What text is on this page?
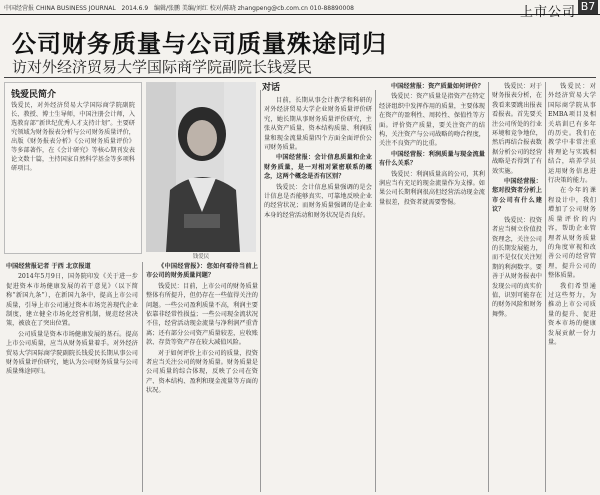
中国经营报 CHINA BUSINESS JOURNAL 2014.6.9 编辑/张鹏 美编/刘红 校对/陈晓 zhangpeng@cb.com.cn 010-88890008	上市公司 B7
公司财务质量与公司质量殊途同归
访对外经济贸易大学国际商学院副院长钱爱民
钱爱民简介
钱爱民，对外经济贸易大学国际商学院副院长、教授、博士生导师，中国注册会计师，入选教育部“新世纪优秀人才支持计划”。主要研究领域为财务报表分析与公司财务质量评价，出版《财务报表分析》《公司财务质量评价》等多部著作，在《会计研究》等核心期刊发表论文数十篇，主持国家自然科学基金等多项科研项目。
钱爱民
对话

中国经营报记者 于西 北京报道

2014年5月9日，国务院印发《关于进一步促进资本市场健康发展的若干意见》（以下简称“新国九条”），在新国九条中，提高上市公司质量，引导上市公司通过资本市场完善现代企业制度，建立健全市场化经营机制，规范经营决策，被放在了突出位置。

公司质量是资本市场健康发展的基石。提高上市公司质量，应当从财务质量着手。对外经济贸易大学国际商学院副院长钱爱民长期从事公司财务质量评价研究，她认为公司财务质量与公司质量殊途同归。

《中国经营报》：您如何看待当前上市公司的财务质量问题？

钱爱民：目前，上市公司的财务质量整体有所提升，但仍存在一些值得关注的问题。一些公司盈利质量不高，利润主要依靠非经常性损益；一些公司现金流状况不佳，经营活动现金流量与净利润严重背离；还有部分公司资产质量较差，应收账款、存货等资产存在较大减值风险。

对于如何评价上市公司的质量，投资者应当关注公司的财务质量。财务质量是公司质量的综合体现，反映了公司在资产、资本结构、盈利和现金流量等方面的状况。

目前，长期从事会计教学和科研的对外经济贸易大学企业财务质量评价研究，她长期从事财务质量评价研究，主张从资产质量、资本结构质量、利润质量和现金流量质量四个方面全面评价公司财务质量。

中国经营报：会计信息质量和企业财务质量，是一对相对紧密联系的概念，这两个概念是否有区别？

钱爱民：会计信息质量强调的是会计信息是否能够真实、可靠地反映企业的经营状况；而财务质量强调的是企业本身的经营活动和财务状况是否良好。

中国经营报：资产质量如何评价？

钱爱民：资产质量是指资产在特定经济组织中发挥作用的质量，主要体现在资产的盈利性、周转性、保值性等方面。评价资产质量，要关注资产的结构，关注资产与公司战略的吻合程度，关注不良资产的比重。

中国经营报：利润质量与现金流量有什么关系？

钱爱民：利润质量高的公司，其利润应当有充足的现金流量作为支撑。如果公司长期利润很高但经营活动现金流量很差，投资者就需要警惕。

钱爱民：对于财务报表分析，在我看来要跳出报表看报表。首先要关注公司所处的行业环境和竞争地位，然后再结合报表数据分析公司的经营战略是否得到了有效实施。

中国经营报：您对投资者分析上市公司有什么建议？

钱爱民：投资者应当树立价值投资理念，关注公司的长期发展能力，而不是仅仅关注短期的利润数字。要善于从财务报表中发现公司的真实价值，识别可能存在的财务风险和财务舞弊。

钱爱民：对外经济贸易大学国际商学院从事EMBA项目及相关培训已有多年的历史。我们在教学中非常注重将理论与实践相结合，培养学员运用财务信息进行决策的能力。

在今年的课程设计中，我们增加了公司财务质量评价的内容，帮助企业管理者从财务质量的角度审视和改善公司的经营管理，提升公司的整体质量。

我们希望通过这些努力，为推动上市公司质量的提升、促进资本市场的健康发展贡献一份力量。
